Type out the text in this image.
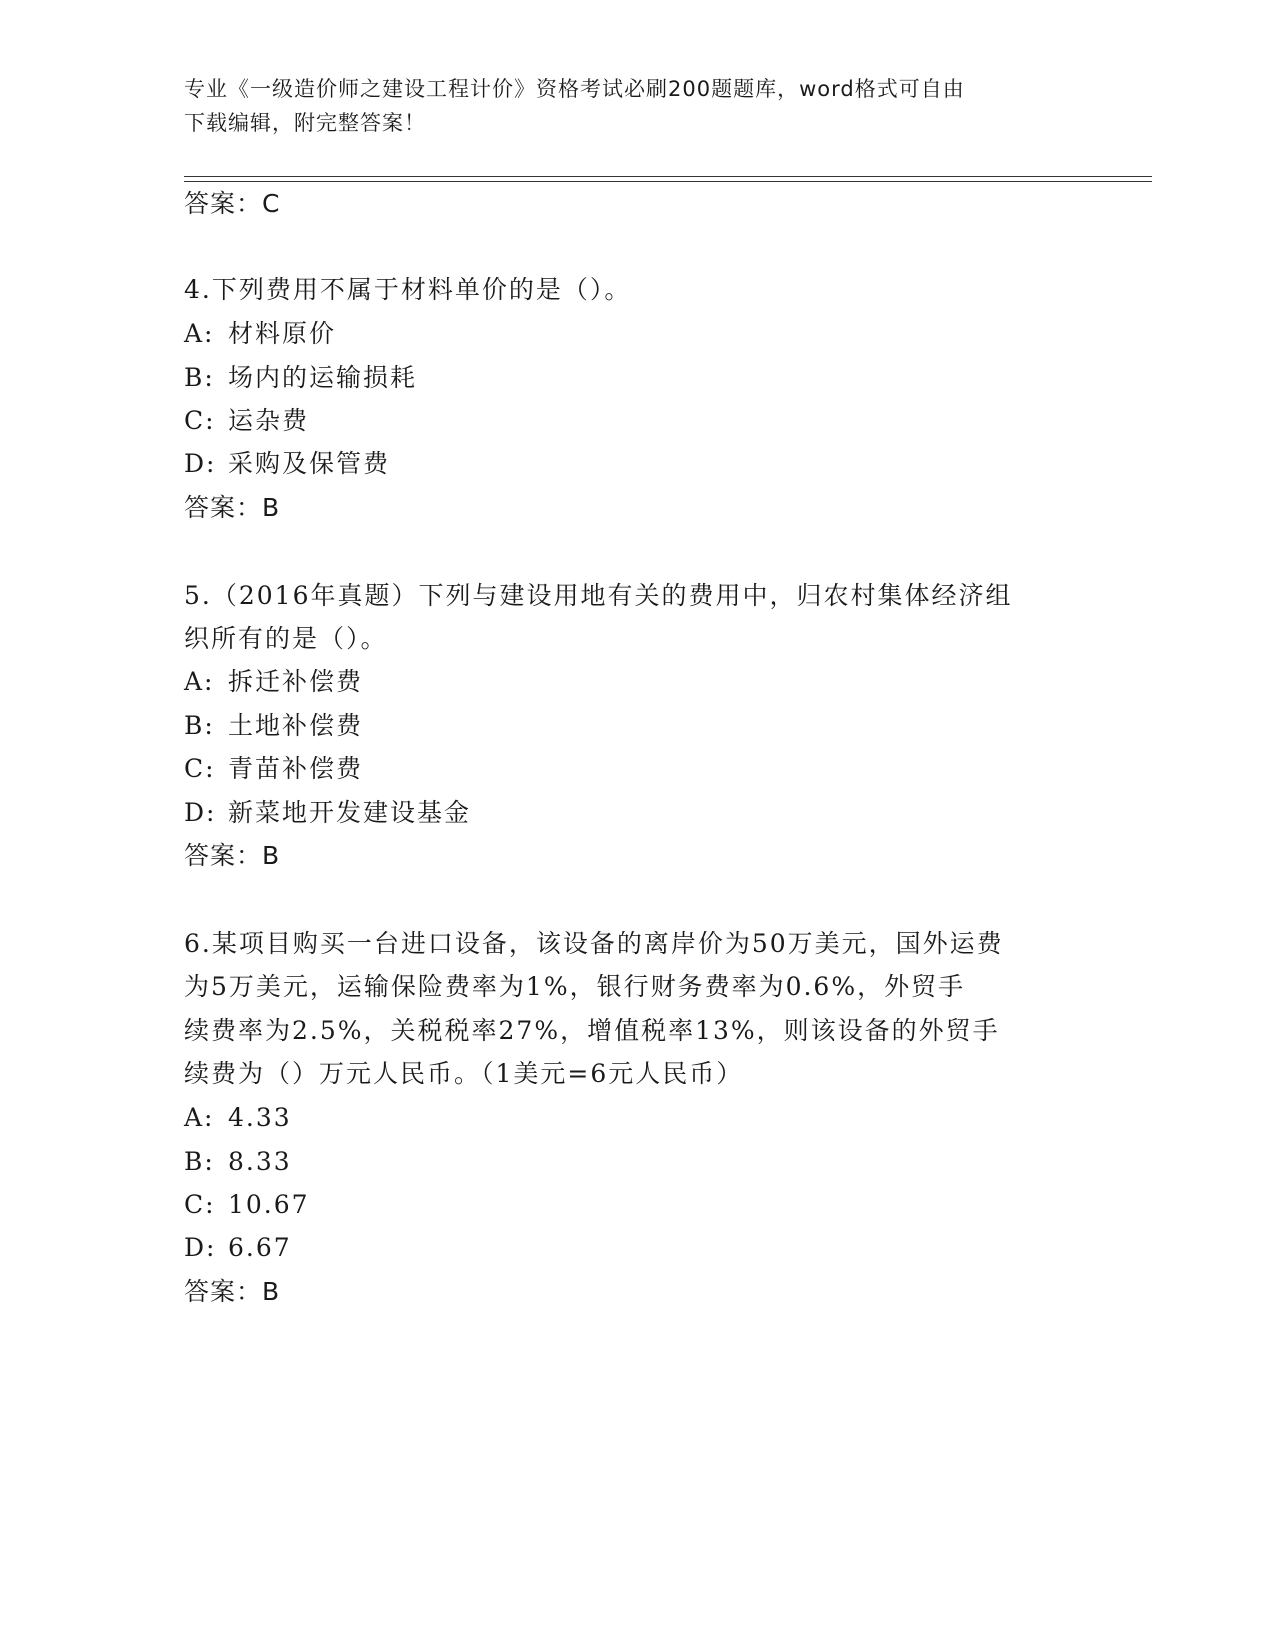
专业《一级造价师之建设工程计价》资格考试必刷200题题库，word格式可自由
下载编辑，附完整答案！
答案：C
4.下列费用不属于材料单价的是（）。
A: 材料原价
B: 场内的运输损耗
C: 运杂费
D: 采购及保管费
答案：B
5.（2016年真题）下列与建设用地有关的费用中，归农村集体经济组
织所有的是（）。
A: 拆迁补偿费
B: 土地补偿费
C: 青苗补偿费
D: 新菜地开发建设基金
答案：B
6.某项目购买一台进口设备，该设备的离岸价为50万美元，国外运费
为5万美元，运输保险费率为1%，银行财务费率为0.6%，外贸手
续费率为2.5%，关税税率27%，增值税率13%，则该设备的外贸手
续费为（）万元人民币。（1美元=6元人民币）
A: 4.33
B: 8.33
C: 10.67
D: 6.67
答案：B
